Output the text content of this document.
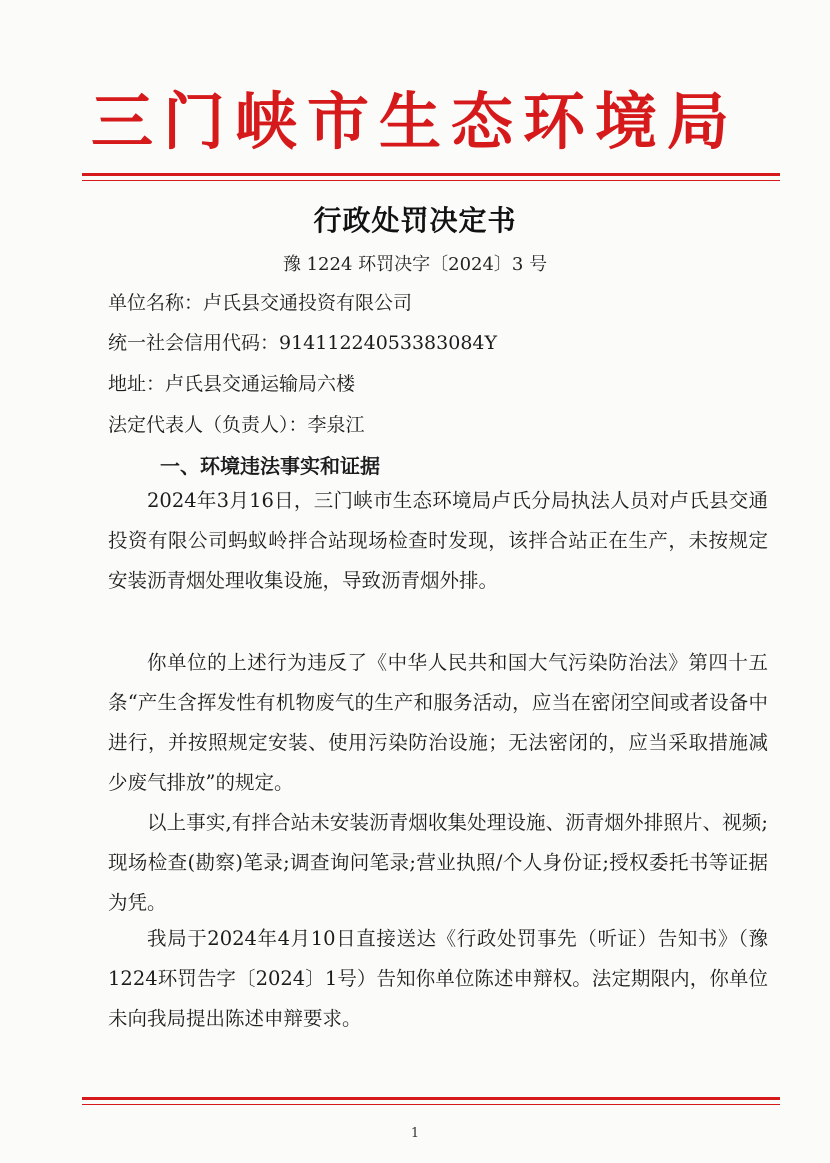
三门峡市生态环境局
行政处罚决定书
豫 1224 环罚决字〔2024〕3 号
单位名称：卢氏县交通投资有限公司
统一社会信用代码：91411224053383084Y
地址：卢氏县交通运输局六楼
法定代表人（负责人）：李泉江
一、环境违法事实和证据

2024年3月16日，三门峡市生态环境局卢氏分局执法人员对卢氏县交通投资有限公司蚂蚁岭拌合站现场检查时发现，该拌合站正在生产，未按规定安装沥青烟处理收集设施，导致沥青烟外排。

你单位的上述行为违反了《中华人民共和国大气污染防治法》第四十五条“产生含挥发性有机物废气的生产和服务活动，应当在密闭空间或者设备中进行，并按照规定安装、使用污染防治设施；无法密闭的，应当采取措施减少废气排放”的规定。

以上事实,有拌合站未安装沥青烟收集处理设施、沥青烟外排照片、视频;现场检查(勘察)笔录;调查询问笔录;营业执照/个人身份证;授权委托书等证据为凭。

我局于2024年4月10日直接送达《行政处罚事先（听证）告知书》（豫1224环罚告字〔2024〕1号）告知你单位陈述申辩权。法定期限内，你单位未向我局提出陈述申辩要求。

1
